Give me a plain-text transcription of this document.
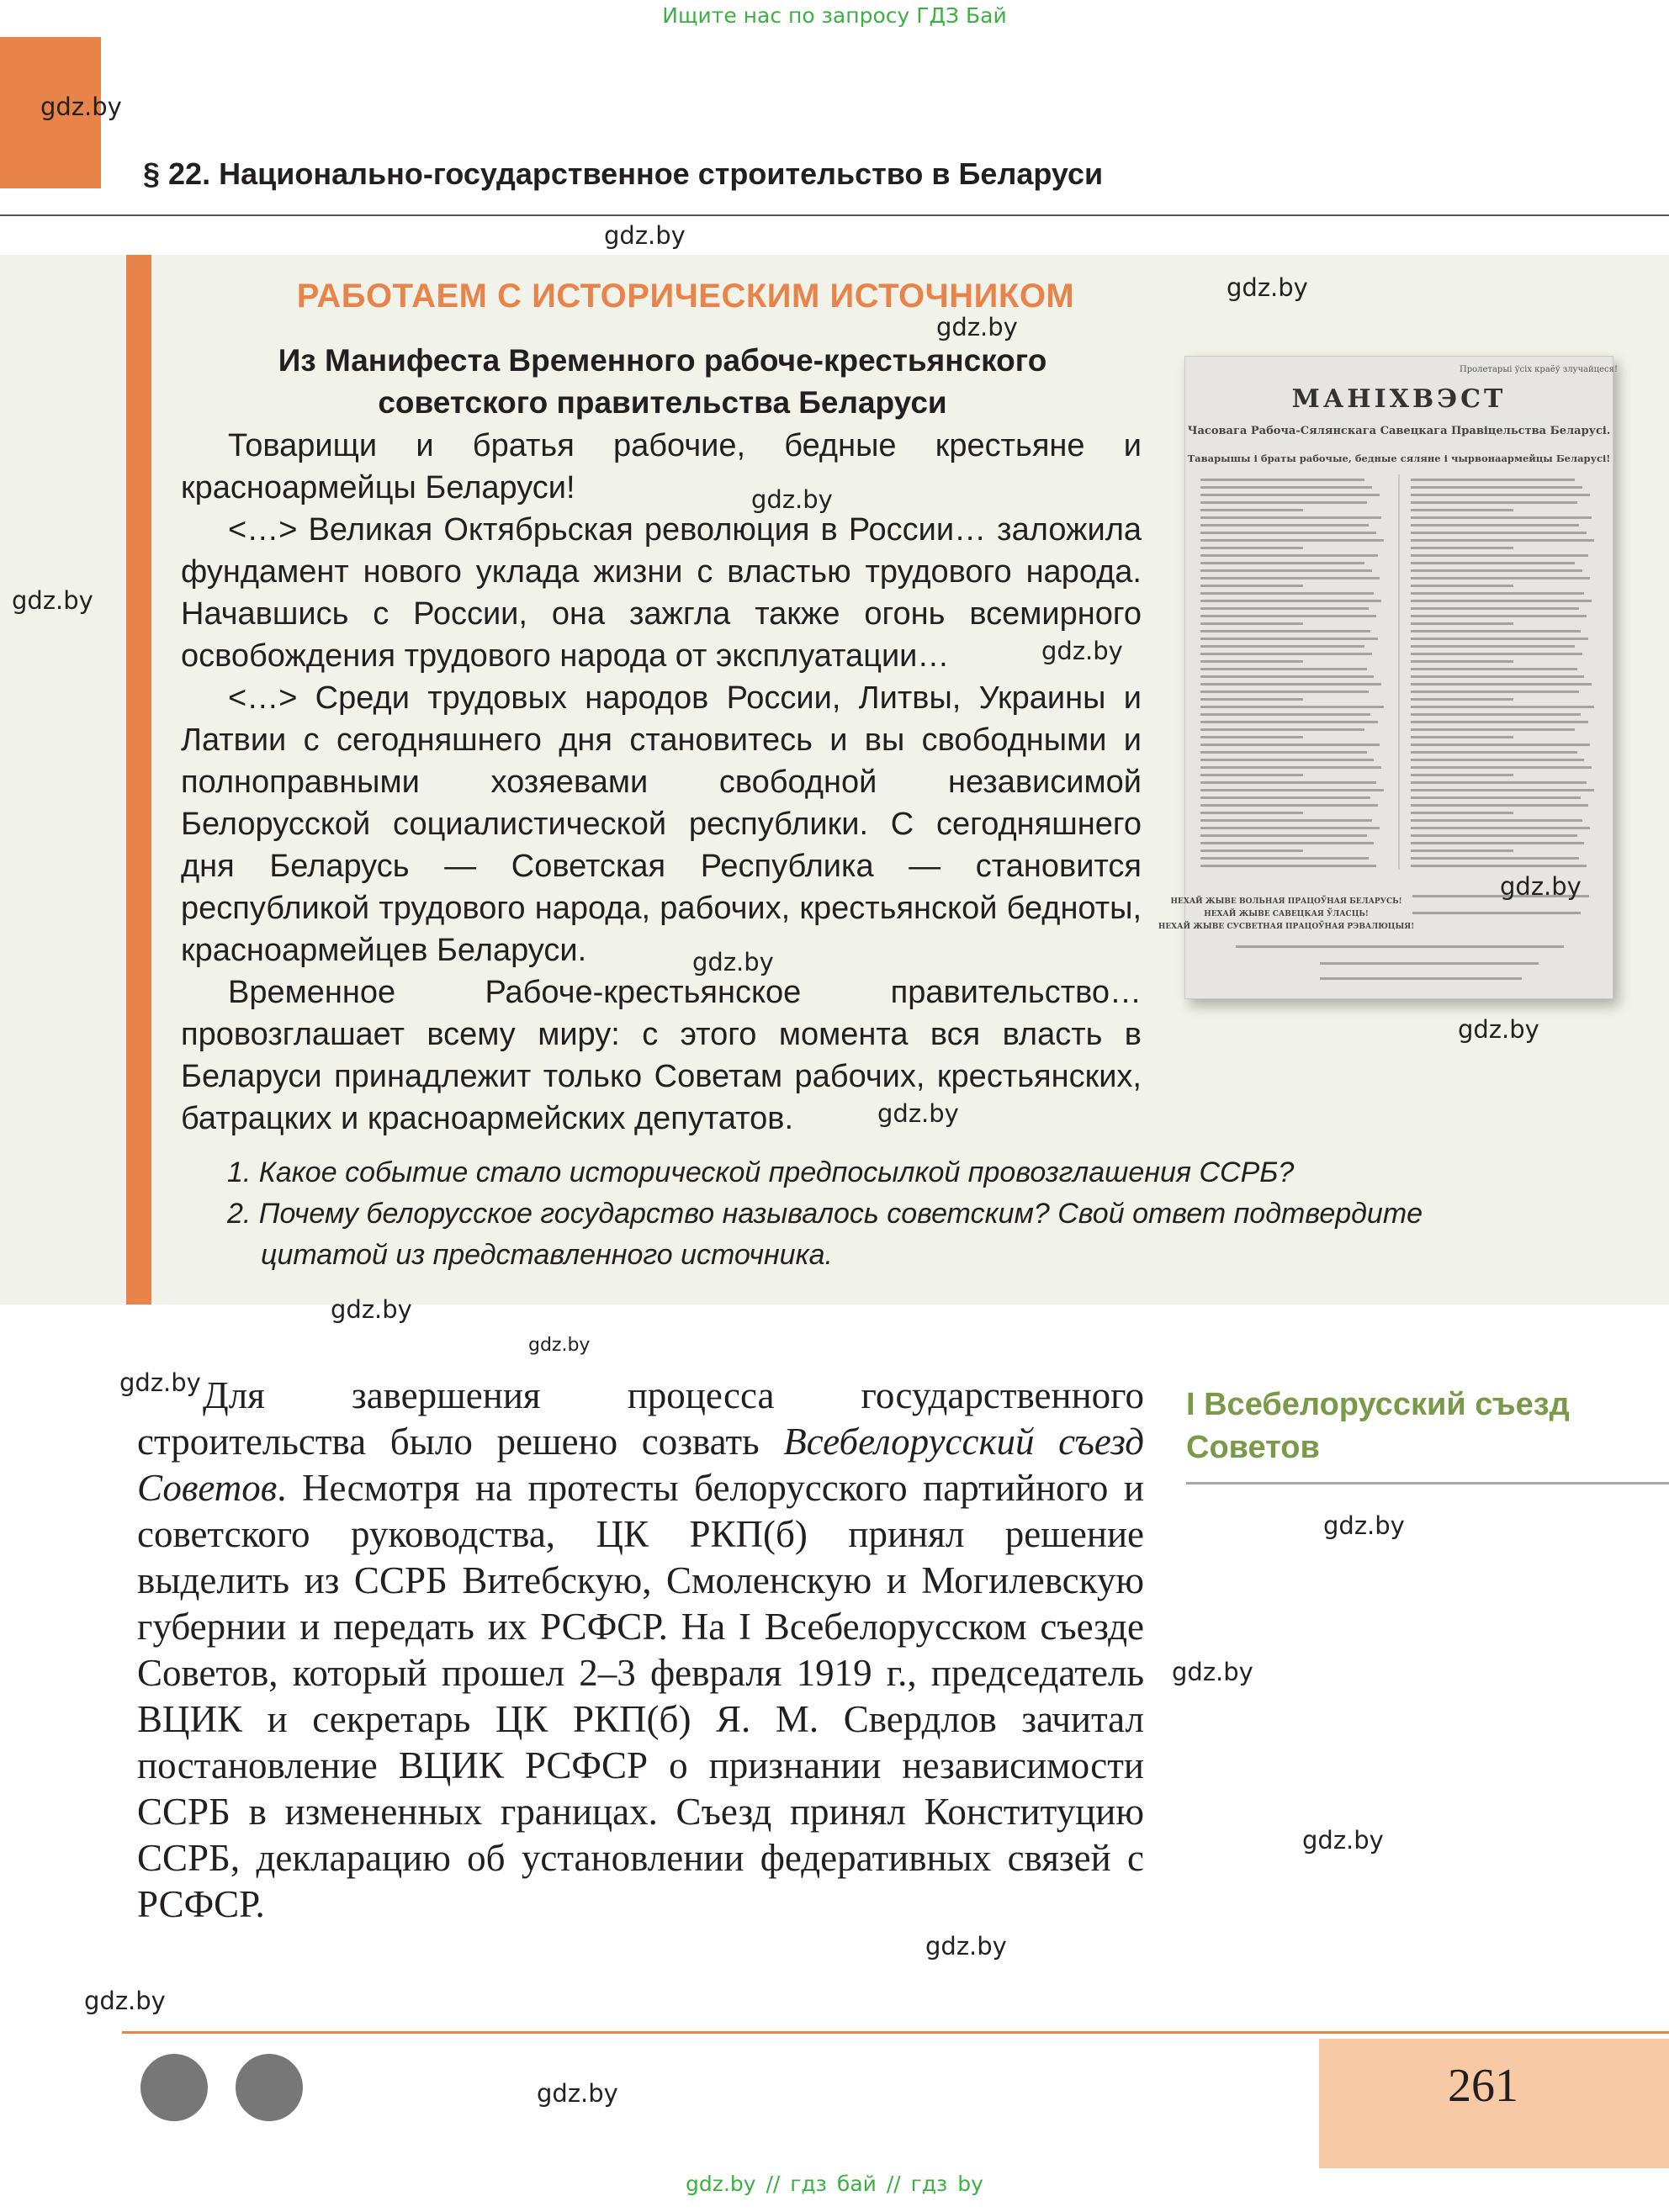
Ищите нас по запросу ГДЗ Бай
gdz.by
§ 22. Национально-государственное строительство в Беларуси
РАБОТАЕМ С ИСТОРИЧЕСКИМ ИСТОЧНИКОМ
Из Манифеста Временного рабоче-крестьянского
советского правительства Беларуси

Товарищи и братья рабочие, бедные крестьяне и красноармейцы Беларуси!

<…> Великая Октябрьская революция в России… заложила фундамент нового уклада жизни с властью трудового народа. Начавшись с России, она зажгла также огонь всемирного освобождения трудового народа от эксплуатации…

<…> Среди трудовых народов России, Литвы, Украины и Латвии с сегодняшнего дня становитесь и вы свободными и полноправными хозяевами свободной независимой Белорусской социалистической республики. С сегодняшнего дня Беларусь — Советская Республика — становится республикой трудового народа, рабочих, крестьянской бедноты, красноармейцев Беларуси.

Временное Рабоче-крестьянское правительство… провозглашает всему миру: с этого момента вся власть в Беларуси принадлежит только Советам рабочих, крестьянских, батрацких и красноармейских депутатов.

1. Какое событие стало исторической предпосылкой провозглашения ССРБ?
2. Почему белорусское государство называлось советским? Свой ответ подтвердите цитатой из представленного источника.
Пролетарыі ўсіх краёў злучайцеся!
МАНІХВЭСТ
Часовага Рабоча-Сялянскага Савецкага Правіцельства Беларусі.
Таварышы і браты рабочые, бедные сяляне і чырвонаармейцы Беларусі!
НЕХАЙ ЖЫВЕ ВОЛЬНАЯ ПРАЦОЎНАЯ БЕЛАРУСЬ!
НЕХАЙ ЖЫВЕ САВЕЦКАЯ ЎЛАСЦЬ!
НЕХАЙ ЖЫВЕ СУСВЕТНАЯ ПРАЦОЎНАЯ РЭВАЛЮЦЫЯ!

Для завершения процесса государственного строительства было решено созвать Всебелорусский съезд Советов. Несмотря на протесты белорусского партийного и советского руководства, ЦК РКП(б) принял решение выделить из ССРБ Витебскую, Смоленскую и Могилевскую губернии и передать их РСФСР. На I Всебелорусском съезде Советов, который прошел 2–3 февраля 1919 г., председатель ВЦИК и секретарь ЦК РКП(б) Я. М. Свердлов зачитал постановление ВЦИК РСФСР о признании независимости ССРБ в измененных границах. Съезд принял Конституцию ССРБ, декларацию об установлении федеративных связей с РСФСР.

I Всебелорусский съезд Советов
261
gdz.by // гдз бай // гдз by
gdz.by
gdz.by
gdz.by
gdz.by
gdz.by
gdz.by
gdz.by
gdz.by
gdz.by
gdz.by
gdz.by
gdz.by
gdz.by
gdz.by
gdz.by
gdz.by
gdz.by
gdz.by
gdz.by
